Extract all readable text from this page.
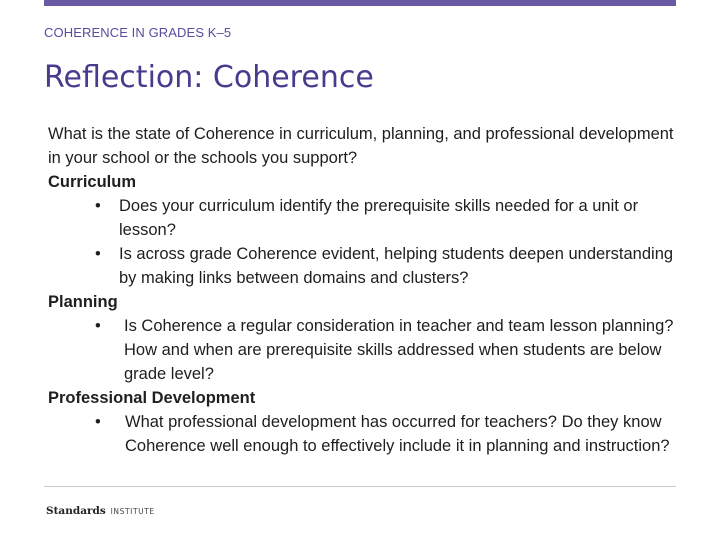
COHERENCE IN GRADES K–5
Reflection: Coherence

What is the state of Coherence in curriculum, planning, and professional development in your school or the schools you support?

Curriculum

• Does your curriculum identify the prerequisite skills needed for a unit or lesson?
• Is across grade Coherence evident, helping students deepen understanding by making links between domains and clusters?

Planning

• Is Coherence a regular consideration in teacher and team lesson planning? How and when are prerequisite skills addressed when students are below grade level?

Professional Development

• What professional development has occurred for teachers? Do they know Coherence well enough to effectively include it in planning and instruction?
Standards INSTITUTE
